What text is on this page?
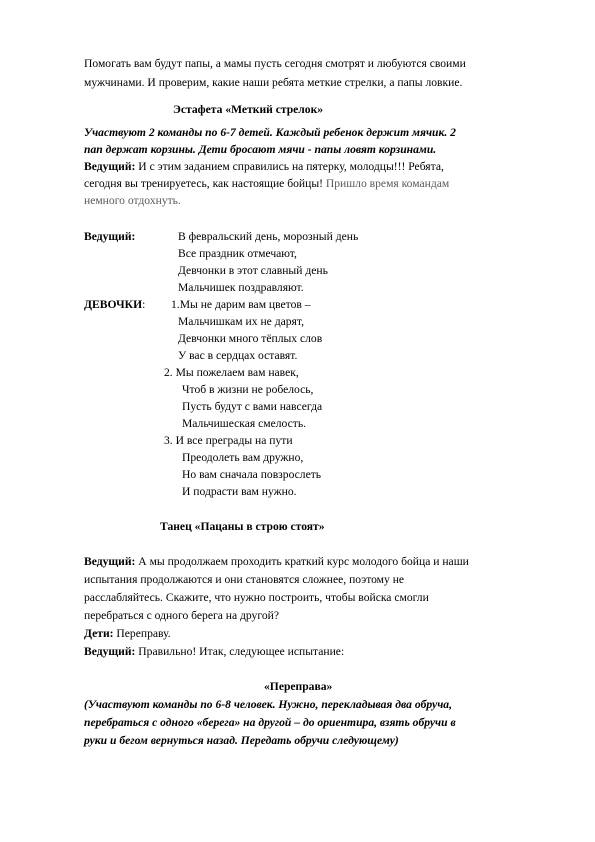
Помогать вам будут папы, а мамы пусть сегодня смотрят и любуются своими
мужчинами. И проверим, какие наши ребята меткие стрелки, а папы ловкие.
Эстафета «Меткий стрелок»
Участвуют 2 команды по 6-7 детей. Каждый ребенок держит мячик. 2
пап держат корзины. Дети бросают мячи - папы ловят корзинами.
Ведущий: И с этим заданием справились на пятерку, молодцы!!! Ребята,
сегодня вы тренируетесь, как настоящие бойцы! Пришло время командам
немного отдохнуть.
Ведущий:	В февральский день, морозный день
Все праздник отмечают,
Девчонки в этот славный день
Мальчишек поздравляют.
ДЕВОЧКИ: 1.Мы не дарим вам цветов –
Мальчишкам их не дарят,
Девчонки много тёплых слов
У вас в сердцах оставят.
2. Мы пожелаем вам навек,
Чтоб в жизни не робелось,
Пусть будут с вами навсегда
Мальчишеская смелость.
3. И все преграды на пути
Преодолеть вам дружно,
Но вам сначала повзрослеть
И подрасти вам нужно.
Танец «Пацаны в строю стоят»
Ведущий: А мы продолжаем проходить краткий курс молодого бойца и наши
испытания продолжаются и они становятся сложнее, поэтому не
расслабляйтесь. Скажите, что нужно построить, чтобы войска смогли
перебраться с одного берега на другой?
Дети: Переправу.
Ведущий: Правильно! Итак, следующее испытание:
«Переправа»
(Участвуют команды по 6-8 человек. Нужно, перекладывая два обруча,
перебраться с одного «берега» на другой – до ориентира, взять обручи в
руки и бегом вернуться назад. Передать обручи следующему)
